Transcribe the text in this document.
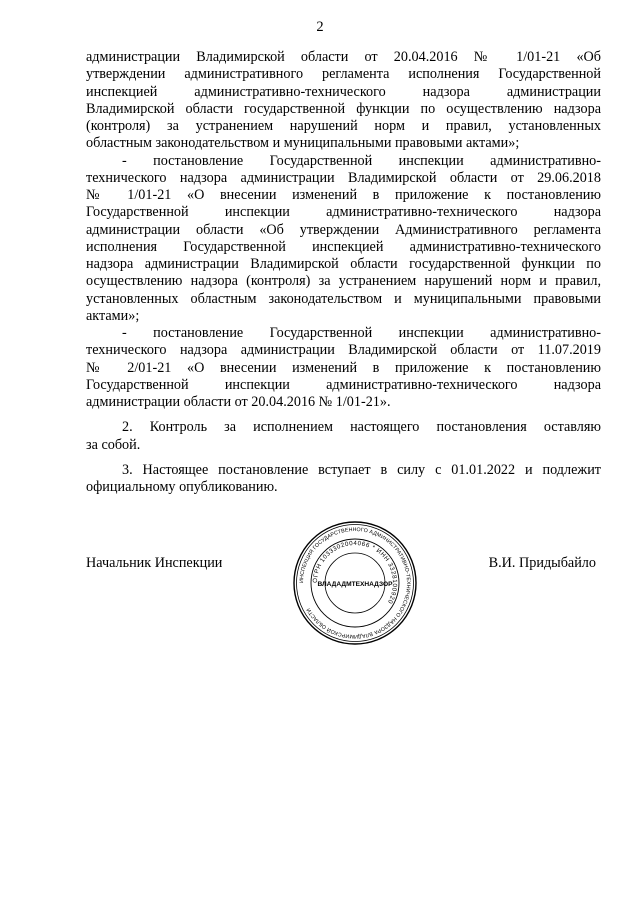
2
администрации Владимирской области от 20.04.2016 № 1/01-21 «Об
утверждении административного регламента исполнения Государственной
инспекцией административно-технического надзора администрации
Владимирской области государственной функции по осуществлению надзора
(контроля) за устранением нарушений норм и правил, установленных
областным законодательством и муниципальными правовыми актами»;
- постановление Государственной инспекции административно-
технического надзора администрации Владимирской области от 29.06.2018
№ 1/01-21 «О внесении изменений в приложение к постановлению
Государственной инспекции административно-технического надзора
администрации области «Об утверждении Административного регламента
исполнения Государственной инспекцией административно-технического
надзора администрации Владимирской области государственной функции по
осуществлению надзора (контроля) за устранением нарушений норм и правил,
установленных областным законодательством и муниципальными правовыми
актами»;
- постановление Государственной инспекции административно-
технического надзора администрации Владимирской области от 11.07.2019
№ 2/01-21 «О внесении изменений в приложение к постановлению
Государственной инспекции административно-технического надзора
администрации области от 20.04.2016 № 1/01-21».
2. Контроль за исполнением настоящего постановления оставляю
за собой.
3. Настоящее постановление вступает в силу с 01.01.2022 и подлежит
официальному опубликованию.
Начальник Инспекции	В.И. Придыбайло
ИНСПЕКЦИЯ ГОСУДАРСТВЕННОГО АДМИНИСТРАТИВНО-ТЕХНИЧЕСКОГО НАДЗОРА ВЛАДИМИРСКОЙ ОБЛАСТИ
ОГРН 1033302004066 * ИНН 3328100920
ВЛАДАДМТЕХНАДЗОР
